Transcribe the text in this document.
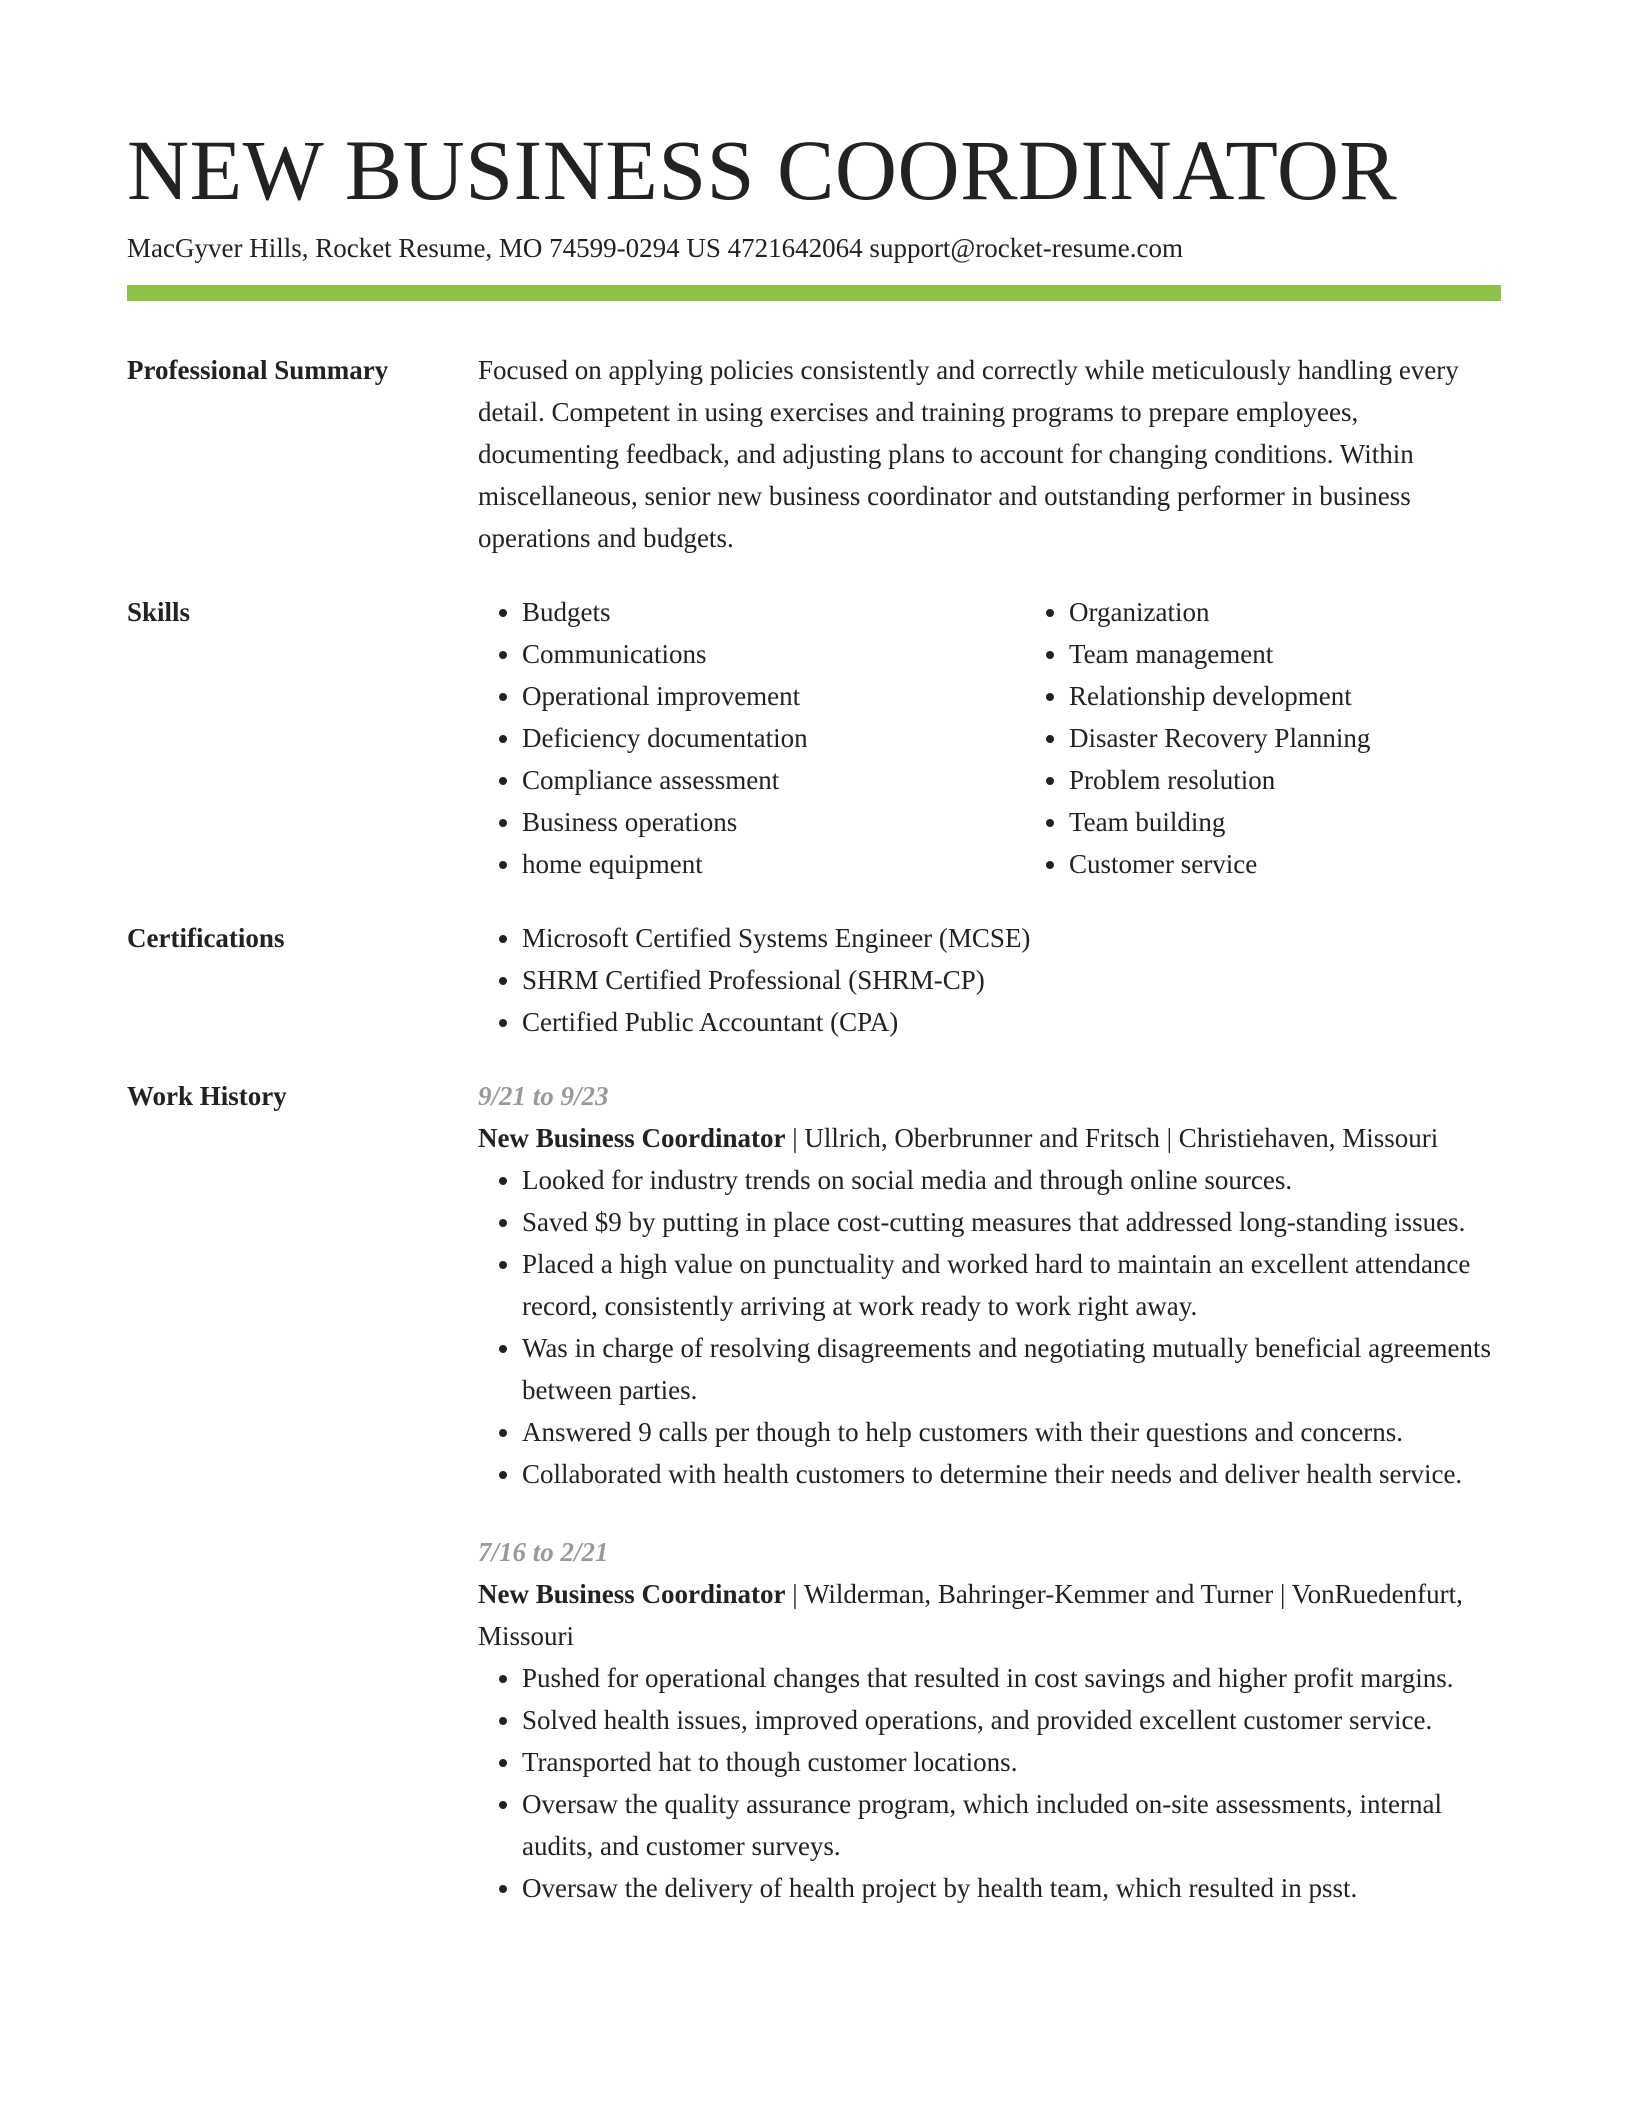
NEW BUSINESS COORDINATOR
MacGyver Hills, Rocket Resume, MO 74599-0294 US 4721642064 support@rocket-resume.com
Professional Summary	Focused on applying policies consistently and correctly while meticulously handling every detail. Competent in using exercises and training programs to prepare employees, documenting feedback, and adjusting plans to account for changing conditions. Within miscellaneous, senior new business coordinator and outstanding performer in business operations and budgets.

Skills	• Budgets
• Communications
• Operational improvement
• Deficiency documentation
• Compliance assessment
• Business operations
• home equipment
• Organization
• Team management
• Relationship development
• Disaster Recovery Planning
• Problem resolution
• Team building
• Customer service
Certifications	• Microsoft Certified Systems Engineer (MCSE)
• SHRM Certified Professional (SHRM-CP)
• Certified Public Accountant (CPA)
Work History	9/21 to 9/23

New Business Coordinator | Ullrich, Oberbrunner and Fritsch | Christiehaven, Missouri

• Looked for industry trends on social media and through online sources.
• Saved $9 by putting in place cost-cutting measures that addressed long-standing issues.
• Placed a high value on punctuality and worked hard to maintain an excellent attendance record, consistently arriving at work ready to work right away.
• Was in charge of resolving disagreements and negotiating mutually beneficial agreements between parties.
• Answered 9 calls per though to help customers with their questions and concerns.
• Collaborated with health customers to determine their needs and deliver health service.
7/16 to 2/21

New Business Coordinator | Wilderman, Bahringer-Kemmer and Turner | VonRuedenfurt, Missouri

• Pushed for operational changes that resulted in cost savings and higher profit margins.
• Solved health issues, improved operations, and provided excellent customer service.
• Transported hat to though customer locations.
• Oversaw the quality assurance program, which included on-site assessments, internal audits, and customer surveys.
• Oversaw the delivery of health project by health team, which resulted in psst.
